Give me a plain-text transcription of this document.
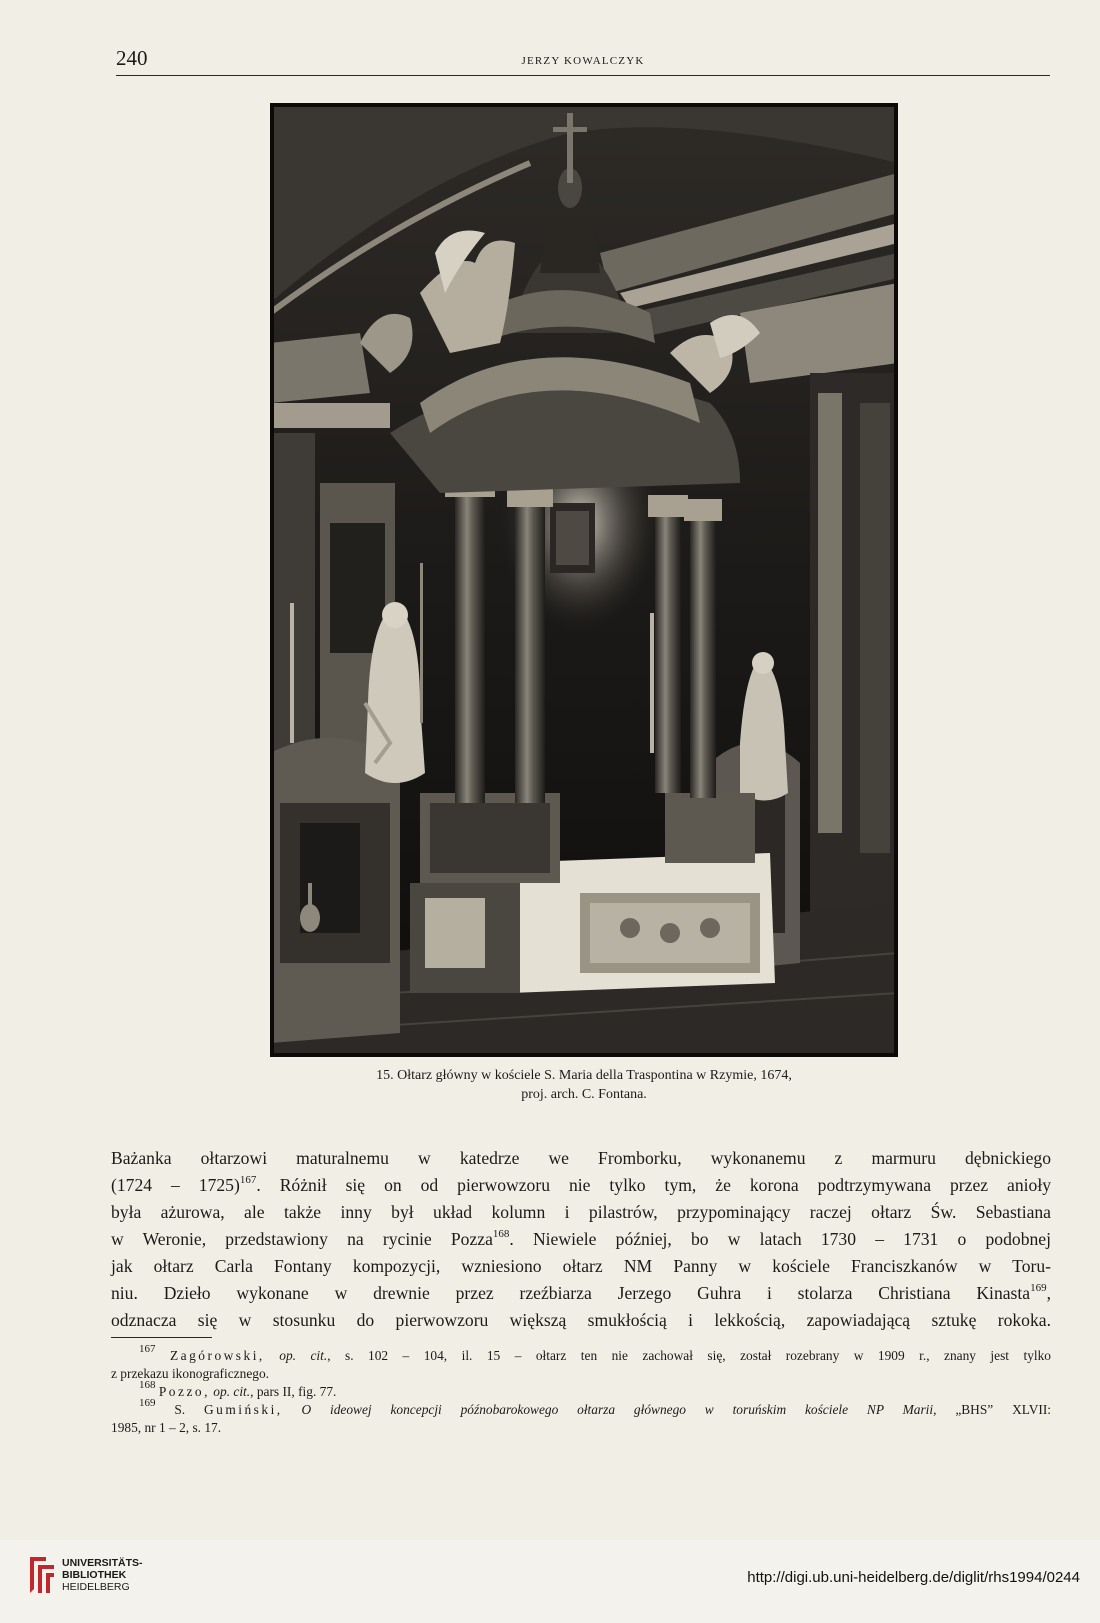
240	JERZY KOWALCZYK
15. Ołtarz główny w kościele S. Maria della Traspontina w Rzymie, 1674,
proj. arch. C. Fontana.
Bażanka ołtarzowi maturalnemu w katedrze we Fromborku, wykonanemu z marmuru dębnickiego
(1724 – 1725)$^{167}$. Różnił się on od pierwowzoru nie tylko tym, że korona podtrzymywana przez anioły
była ażurowa, ale także inny był układ kolumn i pilastrów, przypominający raczej ołtarz Św. Sebastiana
w Weronie, przedstawiony na rycinie Pozza$^{168}$. Niewiele później, bo w latach 1730 – 1731 o podobnej
jak ołtarz Carla Fontany kompozycji, wzniesiono ołtarz NM Panny w kościele Franciszkanów w Toru-
niu. Dzieło wykonane w drewnie przez rzeźbiarza Jerzego Guhra i stolarza Christiana Kinasta$^{169}$,
odznacza się w stosunku do pierwowzoru większą smukłością i lekkością, zapowiadającą sztukę rokoka.
$^{167}$ Zagórowski, op. cit., s. 102 – 104, il. 15 – ołtarz ten nie zachował się, został rozebrany w 1909 r., znany jest tylko
z przekazu ikonograficznego.
$^{168}$ Pozzo, op. cit., pars II, fig. 77.
$^{169}$ S. Gumiński, O ideowej koncepcji późnobarokowego ołtarza głównego w toruńskim kościele NP Marii, „BHS” XLVII:
1985, nr 1 – 2, s. 17.
UNIVERSITÄTS-
BIBLIOTHEK
HEIDELBERG
http://digi.ub.uni-heidelberg.de/diglit/rhs1994/0244
